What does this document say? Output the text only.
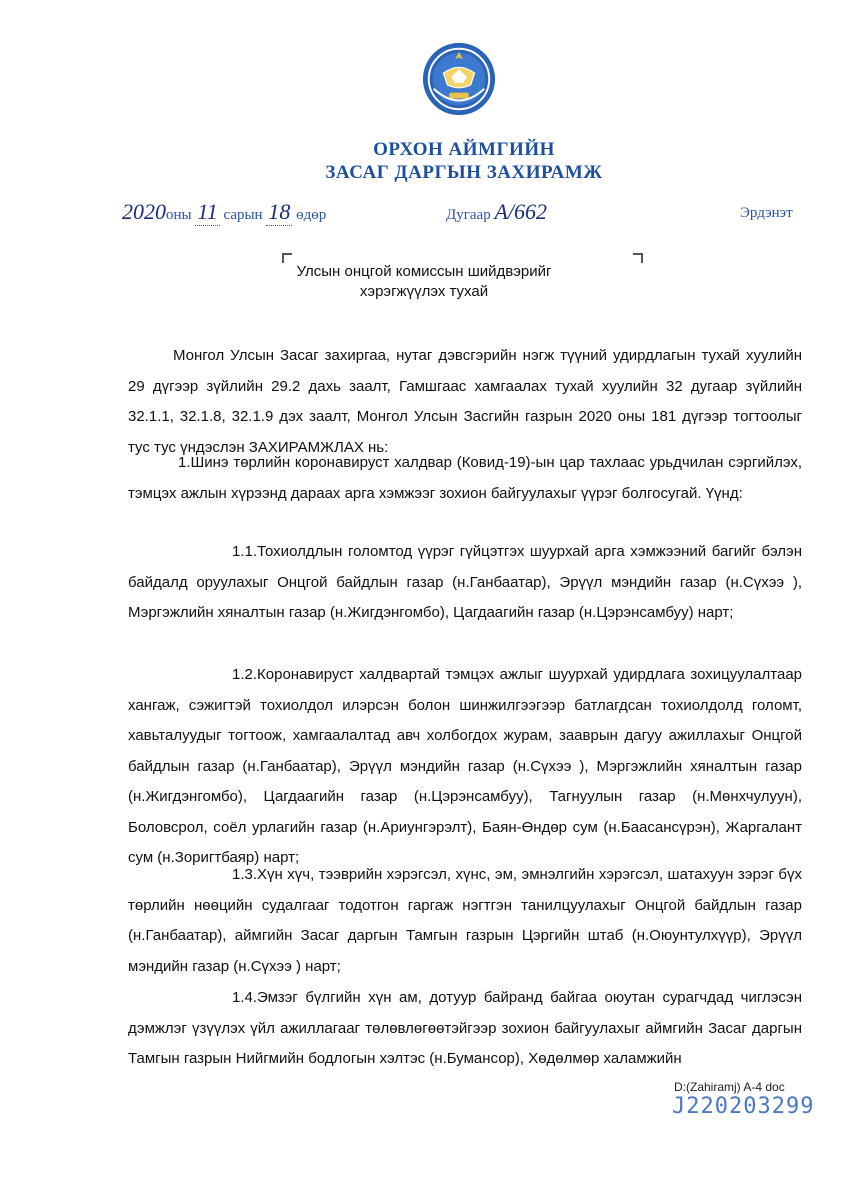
ОРХОН АЙМГИЙН
ЗАСАГ ДАРГЫН ЗАХИРАМЖ
2020оны 11 сарын 18 өдөр	Дугаар А/662	Эрдэнэт
Улсын онцгой комиссын шийдвэрийг
хэрэгжүүлэх тухай

Монгол Улсын Засаг захиргаа, нутаг дэвсгэрийн нэгж түүний удирдлагын тухай хуулийн 29 дүгээр зүйлийн 29.2 дахь заалт, Гамшгаас хамгаалах тухай хуулийн 32 дугаар зүйлийн 32.1.1, 32.1.8, 32.1.9 дэх заалт, Монгол Улсын Засгийн газрын 2020 оны 181 дүгээр тогтоолыг тус тус үндэслэн ЗАХИРАМЖЛАХ нь:

1.Шинэ төрлийн коронавируст халдвар (Ковид-19)-ын цар тахлаас урьдчилан сэргийлэх, тэмцэх ажлын хүрээнд дараах арга хэмжээг зохион байгуулахыг үүрэг болгосугай. Үүнд:

1.1.Тохиолдлын голомтод үүрэг гүйцэтгэх шуурхай арга хэмжээний багийг бэлэн байдалд оруулахыг Онцгой байдлын газар (н.Ганбаатар), Эрүүл мэндийн газар (н.Сүхээ ), Мэргэжлийн хяналтын газар (н.Жигдэнгомбо), Цагдаагийн газар (н.Цэрэнсамбуу) нарт;

1.2.Коронавируст халдвартай тэмцэх ажлыг шуурхай удирдлага зохицуулалтаар хангаж, сэжигтэй тохиолдол илэрсэн болон шинжилгээгээр батлагдсан тохиолдолд голомт, хавьталуудыг тогтоож, хамгаалалтад авч холбогдох журам, зааврын дагуу ажиллахыг Онцгой байдлын газар (н.Ганбаатар), Эрүүл мэндийн газар (н.Сүхээ ), Мэргэжлийн хяналтын газар (н.Жигдэнгомбо), Цагдаагийн газар (н.Цэрэнсамбуу), Тагнуулын газар (н.Мөнхчулуун), Боловсрол, соёл урлагийн газар (н.Ариунгэрэлт), Баян-Өндөр сум (н.Баасансүрэн), Жаргалант сум (н.Зоригтбаяр) нарт;

1.3.Хүн хүч, тээврийн хэрэгсэл, хүнс, эм, эмнэлгийн хэрэгсэл, шатахуун зэрэг бүх төрлийн нөөцийн судалгааг тодотгон гаргаж нэгтгэн танилцуулахыг Онцгой байдлын газар (н.Ганбаатар), аймгийн Засаг даргын Тамгын газрын Цэргийн штаб (н.Оюунтулхүүр), Эрүүл мэндийн газар (н.Сүхээ ) нарт;

1.4.Эмзэг бүлгийн хүн ам, дотуур байранд байгаа оюутан сурагчдад чиглэсэн дэмжлэг үзүүлэх үйл ажиллагааг төлөвлөгөөтэйгээр зохион байгуулахыг аймгийн Засаг даргын Тамгын газрын Нийгмийн бодлогын хэлтэс (н.Бумансор), Хөдөлмөр халамжийн

D:(Zahiramj) A-4 doc
J220203299
